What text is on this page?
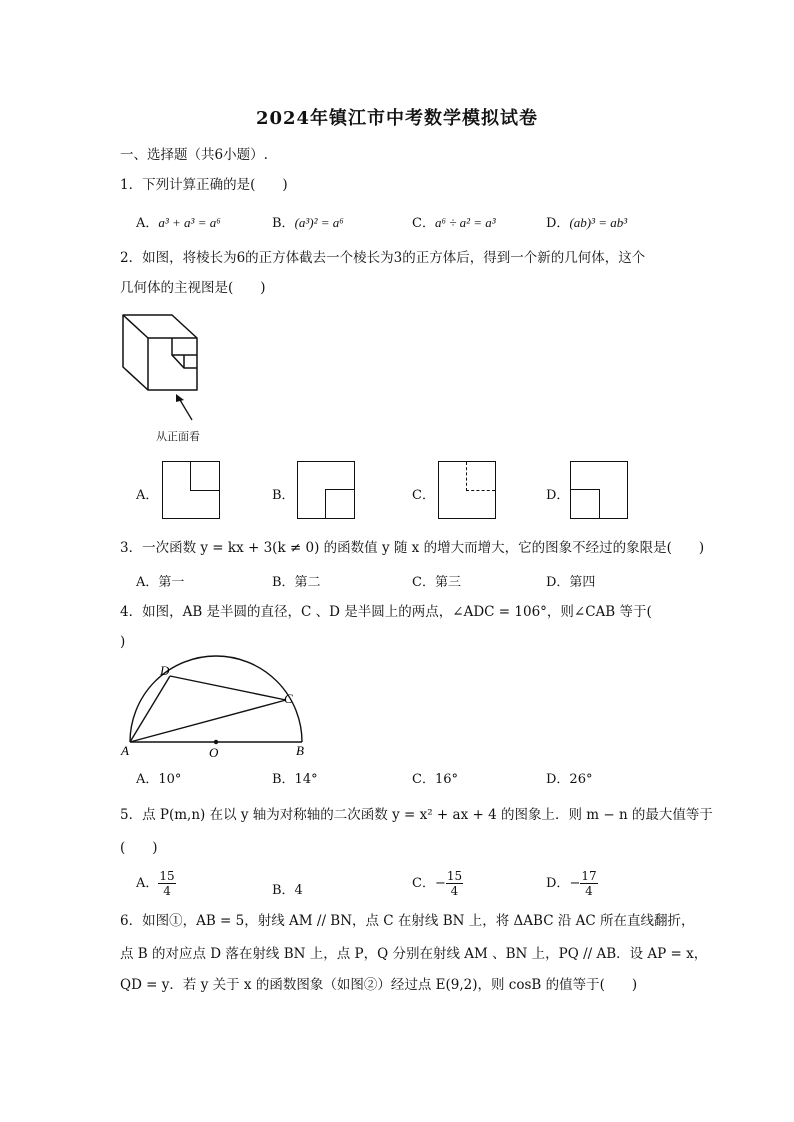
2024年镇江市中考数学模拟试卷
一、选择题（共6小题）.
1．下列计算正确的是(　　)
A．a³ + a³ = a⁶	B．(a³)² = a⁶	C．a⁶ ÷ a² = a³	D．(ab)³ = ab³
2．如图，将棱长为6的正方体截去一个棱长为3的正方体后，得到一个新的几何体，这个
几何体的主视图是(　　)
从正面看
A．	B．	C．	D．
3．一次函数 y = kx + 3(k ≠ 0) 的函数值 y 随 x 的增大而增大，它的图象不经过的象限是(　　)
A．第一	B．第二	C．第三	D．第四
4．如图，AB 是半圆的直径，C 、D 是半圆上的两点，∠ADC = 106°，则∠CAB 等于(
)
D
C
A	O	B
A．10°	B．14°	C．16°	D．26°
5．点 P(m,n) 在以 y 轴为对称轴的二次函数 y = x² + ax + 4 的图象上．则 m − n 的最大值等于
(　　)
A． $\frac{15}{4}$	B．4	C．− $\frac{15}{4}$	D．− $\frac{17}{4}$
6．如图①，AB = 5，射线 AM // BN，点 C 在射线 BN 上，将 ΔABC 沿 AC 所在直线翻折，
点 B 的对应点 D 落在射线 BN 上，点 P，Q 分别在射线 AM 、BN 上，PQ // AB．设 AP = x，
QD = y．若 y 关于 x 的函数图象（如图②）经过点 E(9,2)，则 cosB 的值等于(　　)
